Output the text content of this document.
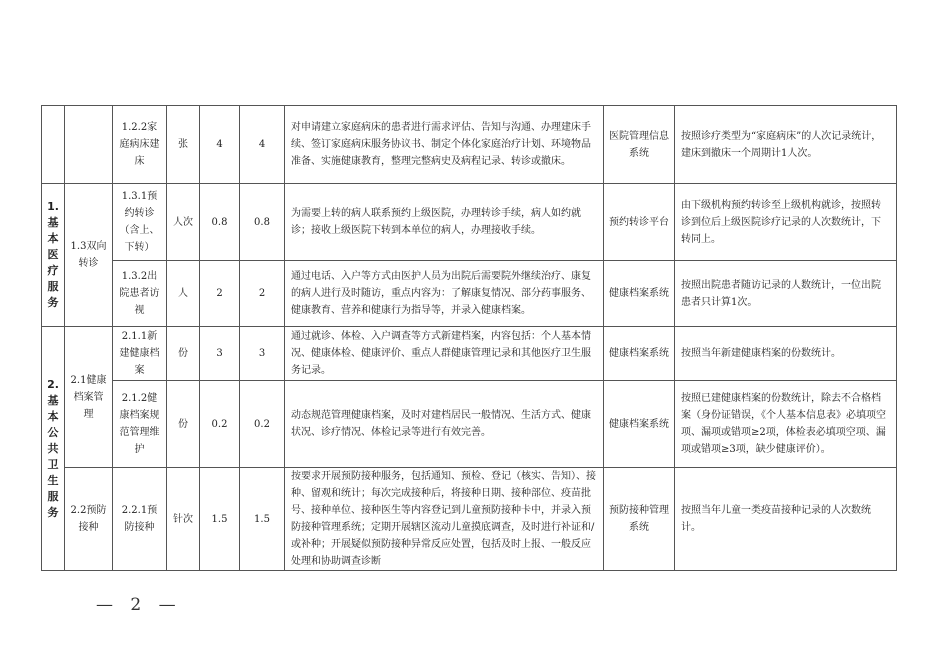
		1.2.2家庭病床建床	张	4	4	对申请建立家庭病床的患者进行需求评估、告知与沟通、办理建床手续、签订家庭病床服务协议书、制定个体化家庭治疗计划、环境物品准备、实施健康教育，整理完整病史及病程记录、转诊或撤床。	医院管理信息系统	按照诊疗类型为“家庭病床”的人次记录统计，建床到撤床一个周期计1人次。
1.基本医疗服务	1.3双向转诊	1.3.1预约转诊（含上、下转）	人次	0.8	0.8	为需要上转的病人联系预约上级医院，办理转诊手续，病人如约就诊；接收上级医院下转到本单位的病人，办理接收手续。	预约转诊平台	由下级机构预约转诊至上级机构就诊，按照转诊到位后上级医院诊疗记录的人次数统计，下转同上。
		1.3.2出院患者访视	人	2	2	通过电话、入户等方式由医护人员为出院后需要院外继续治疗、康复的病人进行及时随访，重点内容为：了解康复情况、部分药事服务、健康教育、营养和健康行为指导等，并录入健康档案。	健康档案系统	按照出院患者随访记录的人数统计，一位出院患者只计算1次。
2.基本公共卫生服务	2.1健康档案管理	2.1.1新建健康档案	份	3	3	通过就诊、体检、入户调查等方式新建档案，内容包括：个人基本情况、健康体检、健康评价、重点人群健康管理记录和其他医疗卫生服务记录。	健康档案系统	按照当年新建健康档案的份数统计。
		2.1.2健康档案规范管理维护	份	0.2	0.2	动态规范管理健康档案，及时对建档居民一般情况、生活方式、健康状况、诊疗情况、体检记录等进行有效完善。	健康档案系统	按照已建健康档案的份数统计，除去不合格档案（身份证错误，《个人基本信息表》必填项空项、漏项或错项≥2项，体检表必填项空项、漏项或错项≥3项，缺少健康评价）。
	2.2预防接种	2.2.1预防接种	针次	1.5	1.5	按要求开展预防接种服务，包括通知、预检、登记（核实、告知）、接种、留观和统计；每次完成接种后，将接种日期、接种部位、疫苗批号、接种单位、接种医生等内容登记到儿童预防接种卡中，并录入预防接种管理系统；定期开展辖区流动儿童摸底调查，及时进行补证和/或补种；开展疑似预防接种异常反应处置，包括及时上报、一般反应处理和协助调查诊断	预防接种管理系统	按照当年儿童一类疫苗接种记录的人次数统计。
— 2 —
